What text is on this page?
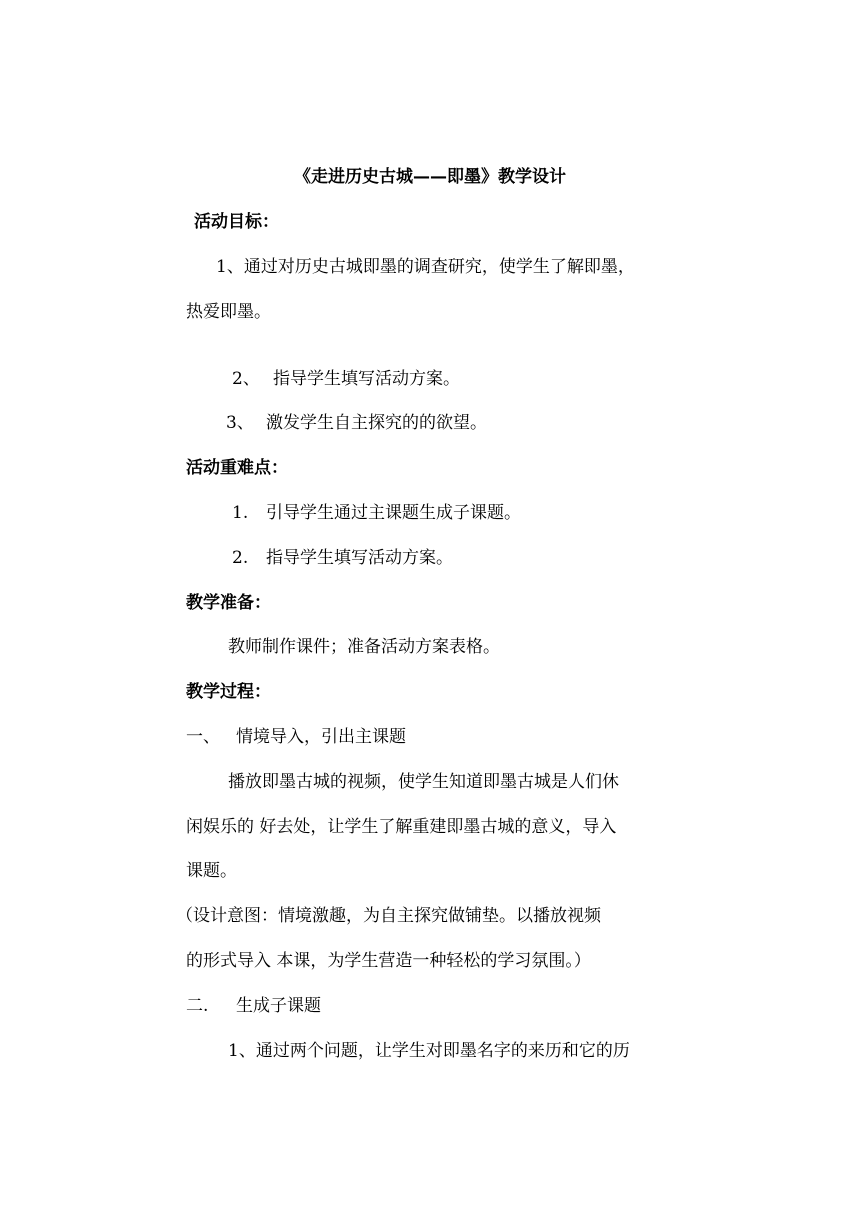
《走进历史古城——即墨》教学设计
活动目标：
1、通过对历史古城即墨的调查研究，使学生了解即墨，
热爱即墨。
2、 指导学生填写活动方案。
3、 激发学生自主探究的的欲望。
活动重难点：
1. 引导学生通过主课题生成子课题。
2. 指导学生填写活动方案。
教学准备：
教师制作课件；准备活动方案表格。
教学过程：
一、 情境导入，引出主课题
播放即墨古城的视频，使学生知道即墨古城是人们休
闲娱乐的 好去处，让学生了解重建即墨古城的意义，导入
课题。
（设计意图：情境激趣，为自主探究做铺垫。以播放视频
的形式导入 本课，为学生营造一种轻松的学习氛围。）
二. 生成子课题
1、通过两个问题，让学生对即墨名字的来历和它的历
